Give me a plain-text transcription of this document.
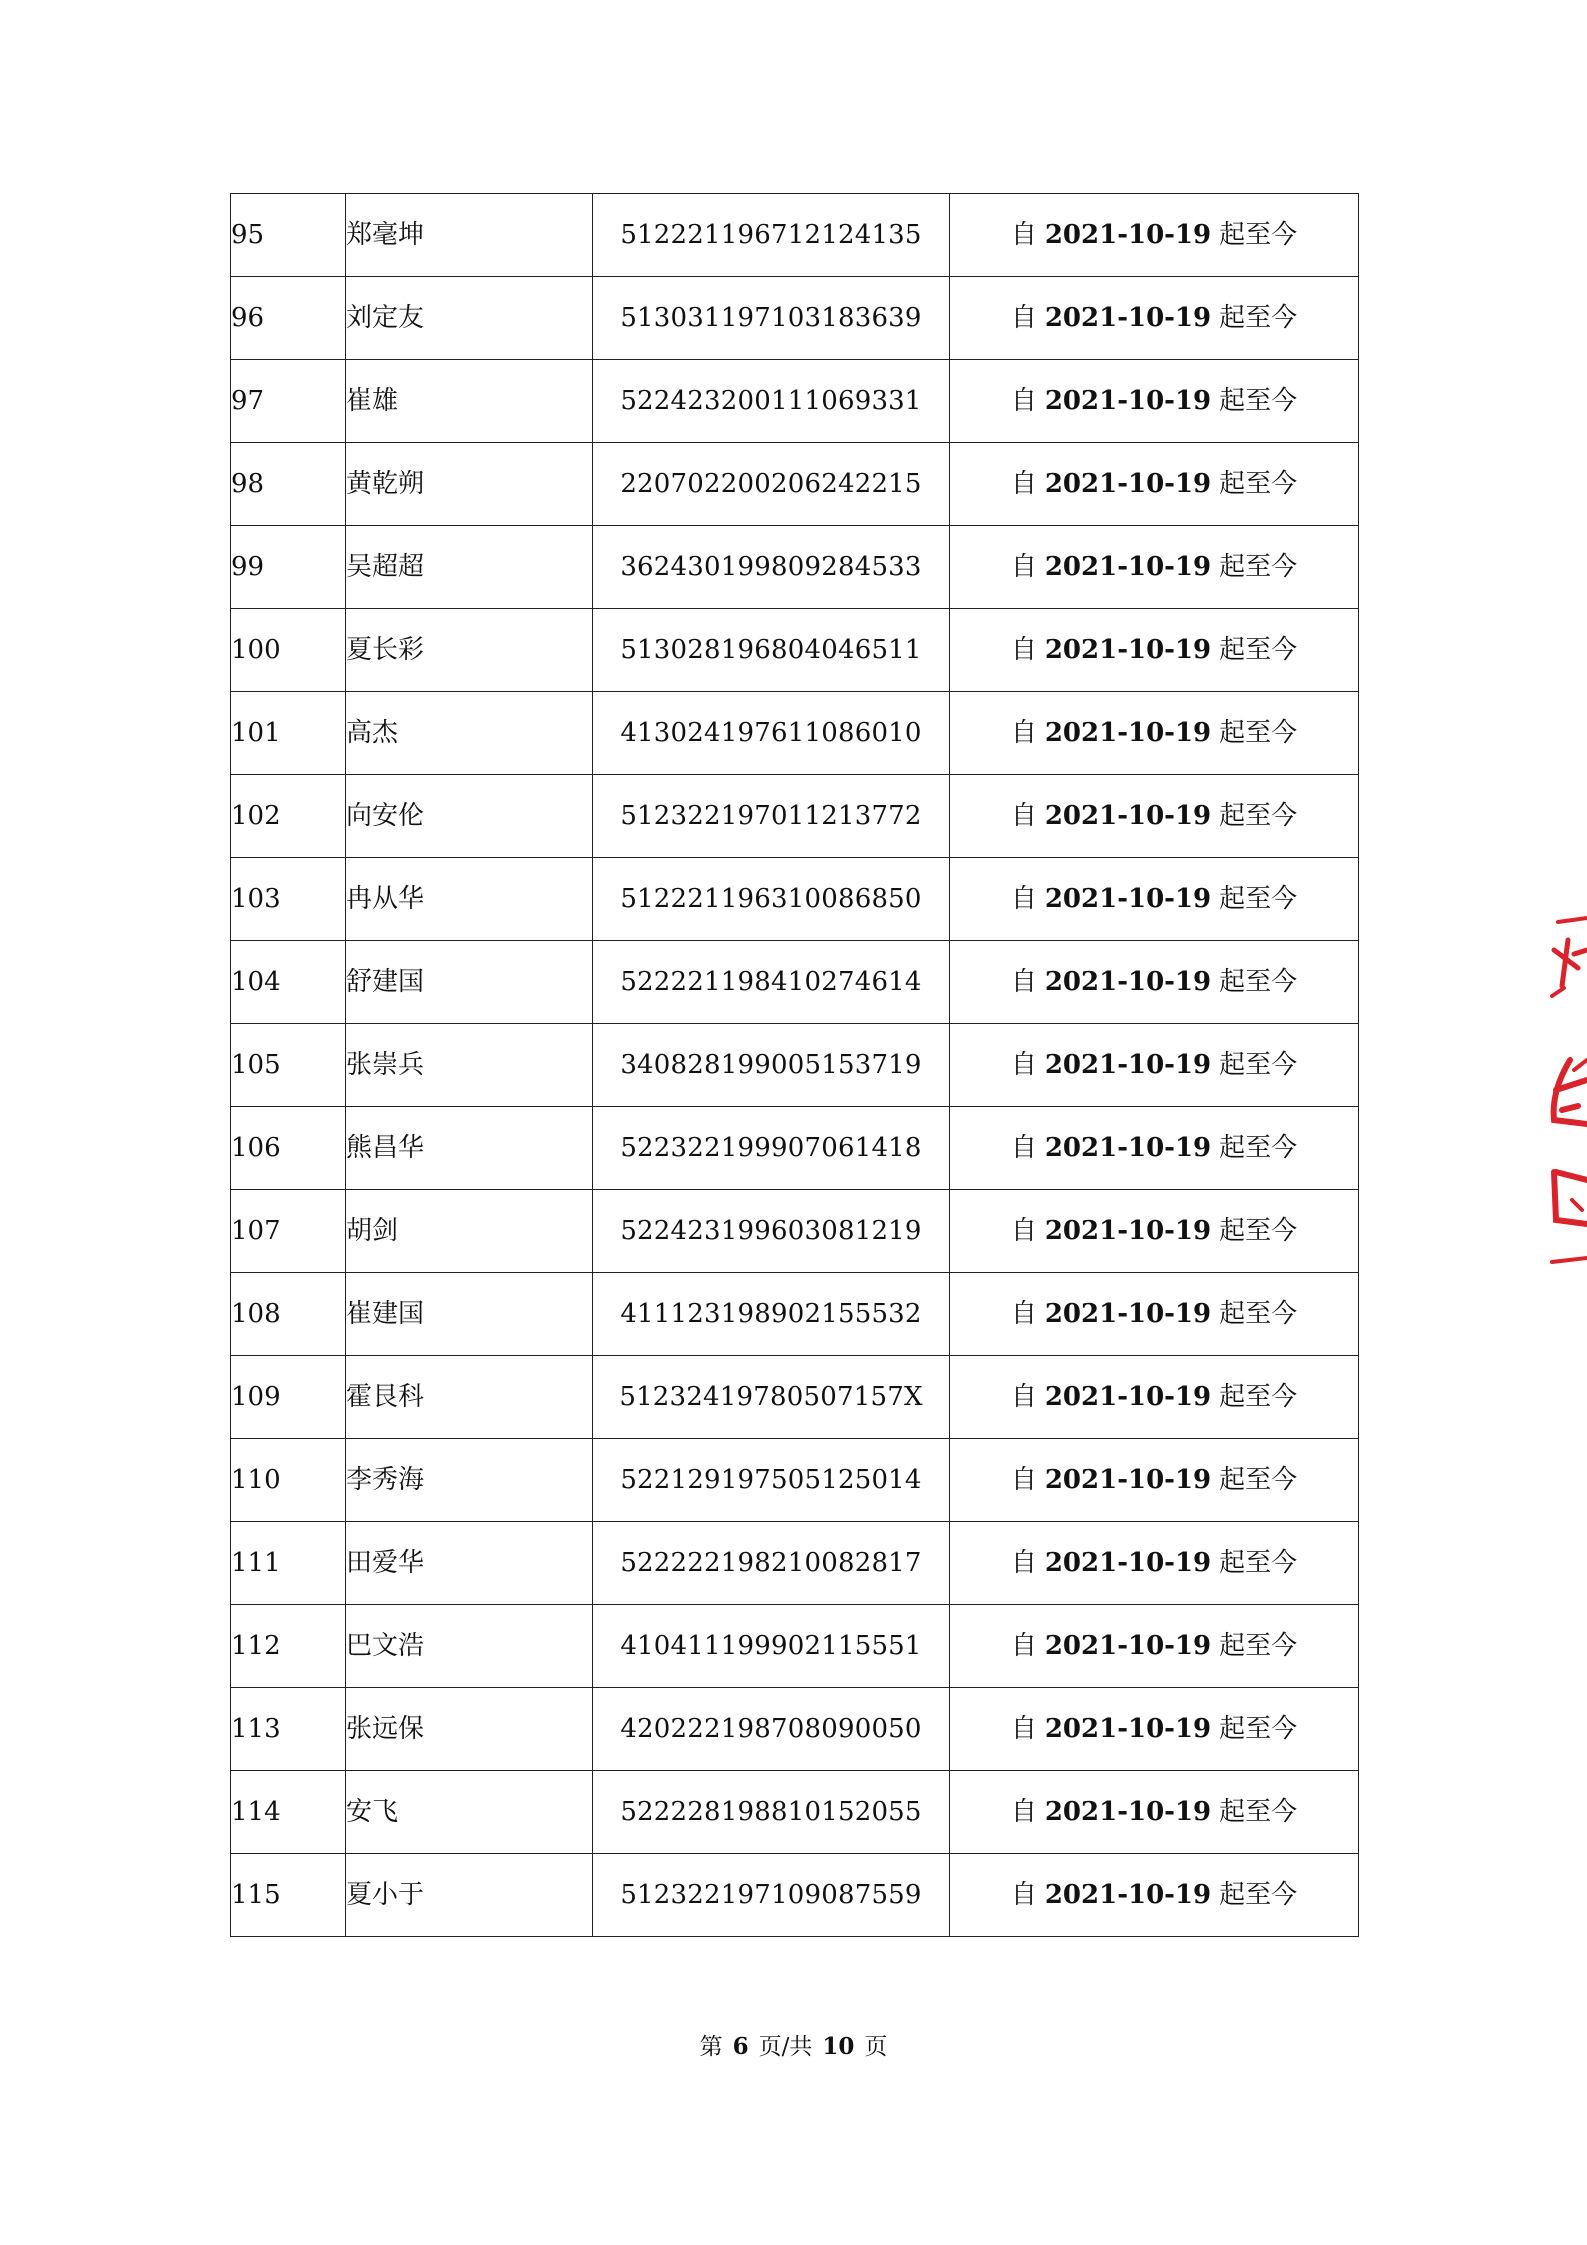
95	郑毫坤	512221196712124135	自 2021-10-19 起至今
96	刘定友	513031197103183639	自 2021-10-19 起至今
97	崔雄	522423200111069331	自 2021-10-19 起至今
98	黄乾朔	220702200206242215	自 2021-10-19 起至今
99	吴超超	362430199809284533	自 2021-10-19 起至今
100	夏长彩	513028196804046511	自 2021-10-19 起至今
101	高杰	413024197611086010	自 2021-10-19 起至今
102	向安伦	512322197011213772	自 2021-10-19 起至今
103	冉从华	512221196310086850	自 2021-10-19 起至今
104	舒建国	522221198410274614	自 2021-10-19 起至今
105	张崇兵	340828199005153719	自 2021-10-19 起至今
106	熊昌华	522322199907061418	自 2021-10-19 起至今
107	胡剑	522423199603081219	自 2021-10-19 起至今
108	崔建国	411123198902155532	自 2021-10-19 起至今
109	霍艮科	51232419780507157X	自 2021-10-19 起至今
110	李秀海	522129197505125014	自 2021-10-19 起至今
111	田爱华	522222198210082817	自 2021-10-19 起至今
112	巴文浩	410411199902115551	自 2021-10-19 起至今
113	张远保	420222198708090050	自 2021-10-19 起至今
114	安飞	522228198810152055	自 2021-10-19 起至今
115	夏小于	512322197109087559	自 2021-10-19 起至今
第 6 页/共 10 页
